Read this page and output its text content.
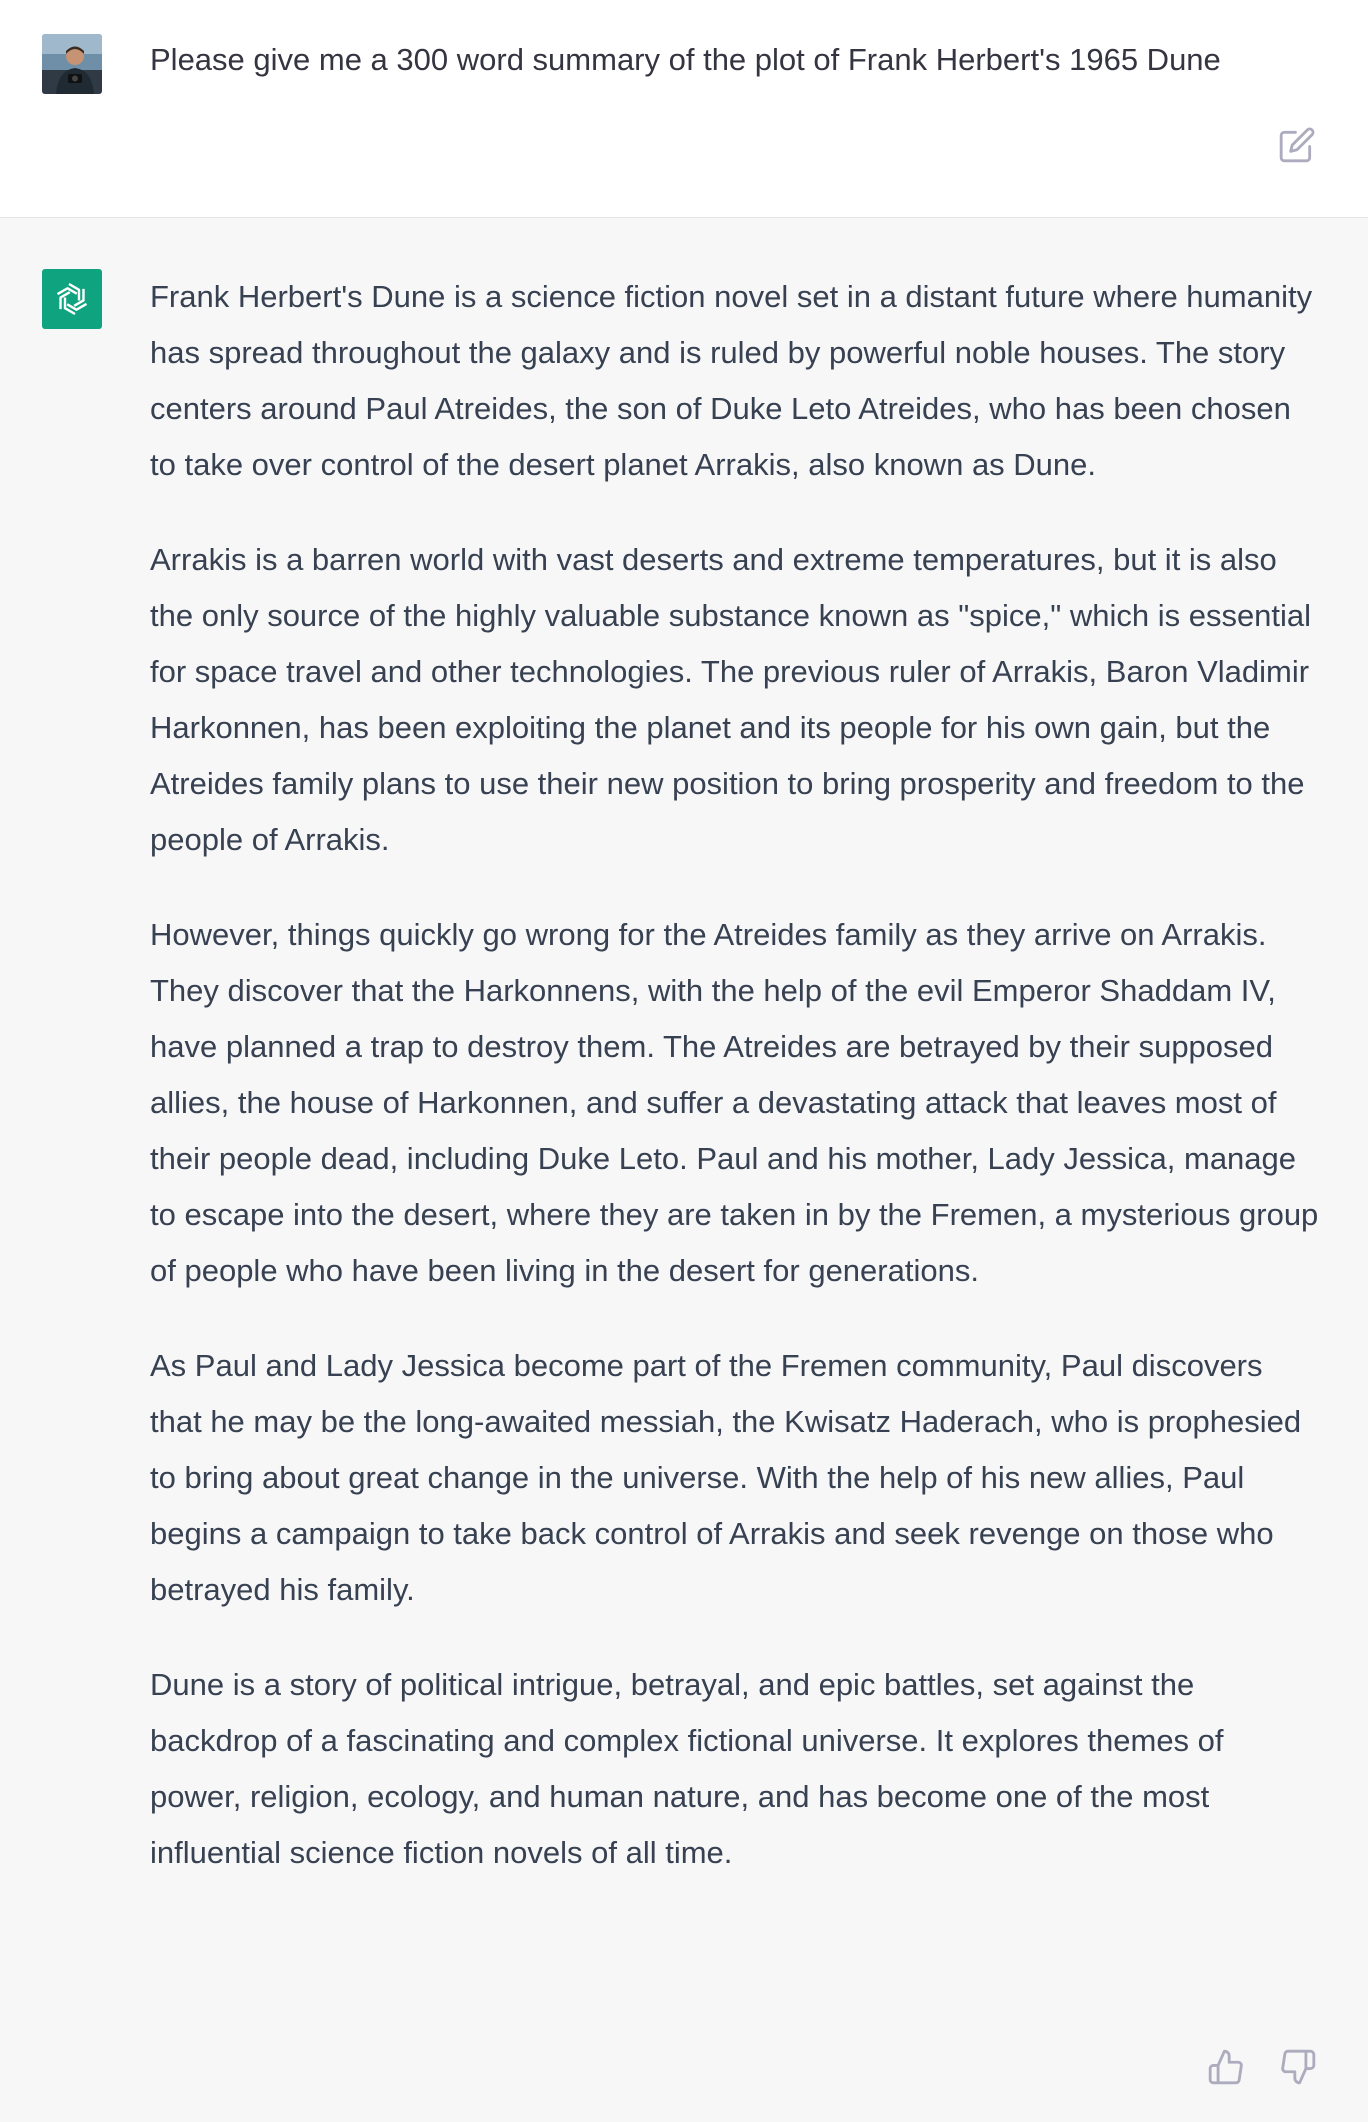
Please give me a 300 word summary of the plot of Frank Herbert's 1965 Dune

Frank Herbert's Dune is a science fiction novel set in a distant future where humanity has spread throughout the galaxy and is ruled by powerful noble houses. The story centers around Paul Atreides, the son of Duke Leto Atreides, who has been chosen to take over control of the desert planet Arrakis, also known as Dune.

Arrakis is a barren world with vast deserts and extreme temperatures, but it is also the only source of the highly valuable substance known as "spice," which is essential for space travel and other technologies. The previous ruler of Arrakis, Baron Vladimir Harkonnen, has been exploiting the planet and its people for his own gain, but the Atreides family plans to use their new position to bring prosperity and freedom to the people of Arrakis.

However, things quickly go wrong for the Atreides family as they arrive on Arrakis. They discover that the Harkonnens, with the help of the evil Emperor Shaddam IV, have planned a trap to destroy them. The Atreides are betrayed by their supposed allies, the house of Harkonnen, and suffer a devastating attack that leaves most of their people dead, including Duke Leto. Paul and his mother, Lady Jessica, manage to escape into the desert, where they are taken in by the Fremen, a mysterious group of people who have been living in the desert for generations.

As Paul and Lady Jessica become part of the Fremen community, Paul discovers that he may be the long-awaited messiah, the Kwisatz Haderach, who is prophesied to bring about great change in the universe. With the help of his new allies, Paul begins a campaign to take back control of Arrakis and seek revenge on those who betrayed his family.

Dune is a story of political intrigue, betrayal, and epic battles, set against the backdrop of a fascinating and complex fictional universe. It explores themes of power, religion, ecology, and human nature, and has become one of the most influential science fiction novels of all time.
